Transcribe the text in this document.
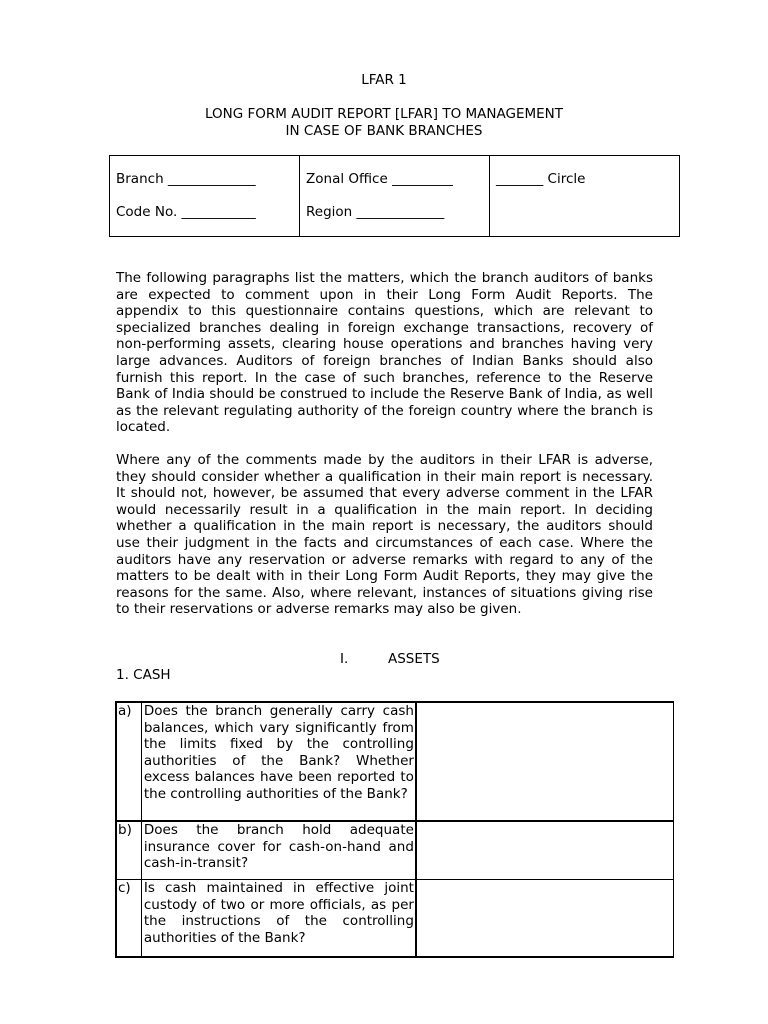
LFAR 1
LONG FORM AUDIT REPORT [LFAR] TO MANAGEMENT
IN CASE OF BANK BRANCHES
Branch _____________
Code No. ___________
Zonal Office _________
Region _____________
_______ Circle

The following paragraphs list the matters, which the branch auditors of banks are expected to comment upon in their Long Form Audit Reports. The appendix to this questionnaire contains questions, which are relevant to specialized branches dealing in foreign exchange transactions, recovery of non-performing assets, clearing house operations and branches having very large advances. Auditors of foreign branches of Indian Banks should also furnish this report. In the case of such branches, reference to the Reserve Bank of India should be construed to include the Reserve Bank of India, as well as the relevant regulating authority of the foreign country where the branch is located.

Where any of the comments made by the auditors in their LFAR is adverse, they should consider whether a qualification in their main report is necessary. It should not, however, be assumed that every adverse comment in the LFAR would necessarily result in a qualification in the main report. In deciding whether a qualification in the main report is necessary, the auditors should use their judgment in the facts and circumstances of each case. Where the auditors have any reservation or adverse remarks with regard to any of the matters to be dealt with in their Long Form Audit Reports, they may give the reasons for the same. Also, where relevant, instances of situations giving rise to their reservations or adverse remarks may also be given.

I.	ASSETS
1. CASH
a)	Does the branch generally carry cash balances, which vary significantly from the limits fixed by the controlling authorities of the Bank? Whether excess balances have been reported to the controlling authorities of the Bank?	
b)	Does the branch hold adequate insurance cover for cash-on-hand and cash-in-transit?	
c)	Is cash maintained in effective joint custody of two or more officials, as per the instructions of the controlling authorities of the Bank?	
